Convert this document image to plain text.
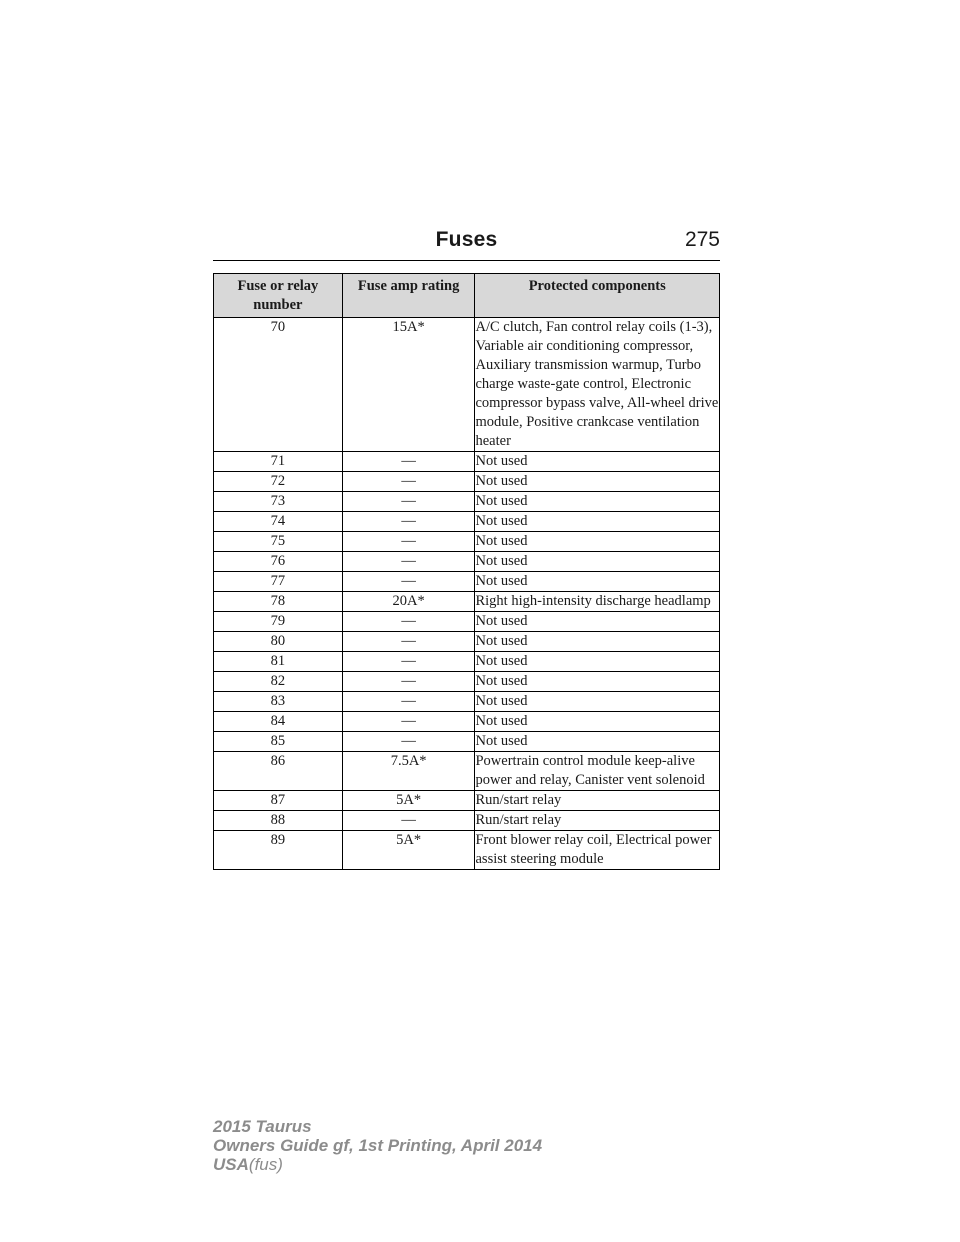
Fuses	275
Fuse or relay number	Fuse amp rating	Protected components
70	15A*	A/C clutch, Fan control relay coils (1-3), Variable air conditioning compressor, Auxiliary transmission warmup, Turbo charge waste-gate control, Electronic compressor bypass valve, All-wheel drive module, Positive crankcase ventilation heater
71	—	Not used
72	—	Not used
73	—	Not used
74	—	Not used
75	—	Not used
76	—	Not used
77	—	Not used
78	20A*	Right high-intensity discharge headlamp
79	—	Not used
80	—	Not used
81	—	Not used
82	—	Not used
83	—	Not used
84	—	Not used
85	—	Not used
86	7.5A*	Powertrain control module keep-alive power and relay, Canister vent solenoid
87	5A*	Run/start relay
88	—	Run/start relay
89	5A*	Front blower relay coil, Electrical power assist steering module
2015 Taurus
Owners Guide gf, 1st Printing, April 2014
USA(fus)
